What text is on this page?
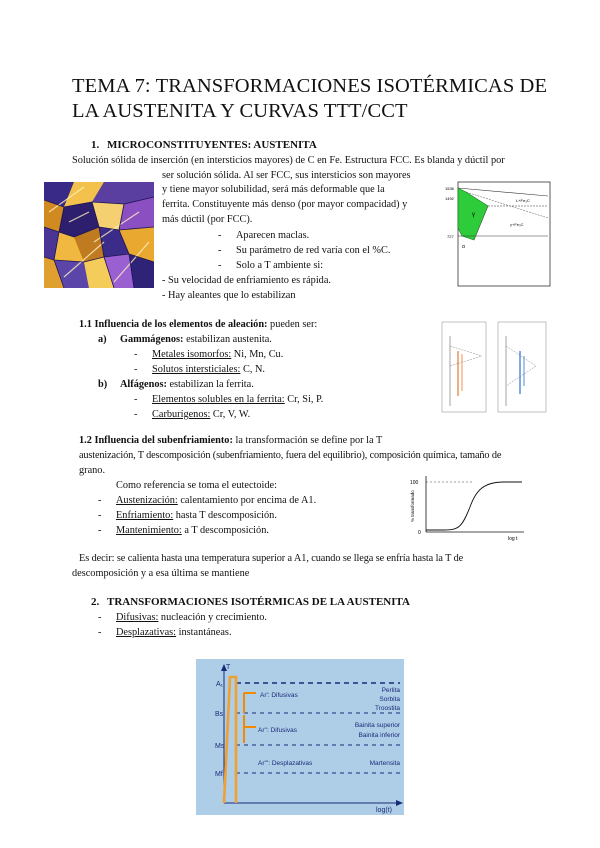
TEMA 7: TRANSFORMACIONES ISOTÉRMICAS DE
LA AUSTENITA Y CURVAS TTT/CCT
1. MICROCONSTITUYENTES: AUSTENITA
Solución sólida de inserción (en intersticios mayores) de C en Fe. Estructura FCC. Es blanda y dúctil por
ser solución sólida. Al ser FCC, sus intersticios son mayores
y tiene mayor solubilidad, será más deformable que la
ferrita. Constituyente más denso (por mayor compacidad) y
más dúctil (por FCC).
- Aparecen maclas.
- Su parámetro de red varía con el %C.
- Solo a T ambiente si:
- Su velocidad de enfriamiento es rápida.
- Hay aleantes que lo estabilizan
1536
1492
γ
L+Fe₃C
γ+Fe₃C
727
α
1.1 Influencia de los elementos de aleación: pueden ser:
a) Gammágenos: estabilizan austenita.
- Metales isomorfos: Ni, Mn, Cu.
- Solutos intersticiales: C, N.
b) Alfágenos: estabilizan la ferrita.
- Elementos solubles en la ferrita: Cr, Si, P.
- Carburígenos: Cr, V, W.
1.2 Influencia del subenfriamiento: la transformación se define por la T
austenización, T descomposición (subenfriamiento, fuera del equilibrio), composición química, tamaño de
grano.
Como referencia se toma el eutectoide:
- Austenización: calentamiento por encima de A1.
- Enfriamiento: hasta T descomposición.
- Mantenimiento: a T descomposición.	0
100
log t
% transformado
Es decir: se calienta hasta una temperatura superior a A1, cuando se llega se enfría hasta la T de
descomposición y a esa última se mantiene
2. TRANSFORMACIONES ISOTÉRMICAS DE LA AUSTENITA
- Difusivas: nucleación y crecimiento.
- Desplazativas: instantáneas.
T
log(t)
A₁
Bs
Ms
Mf
Ar': Difusivas
Ar'': Difusivas
Ar''': Desplazativas
Perlita
Sorbita
Troostita
Bainita superior
Bainita inferior
Martensita
